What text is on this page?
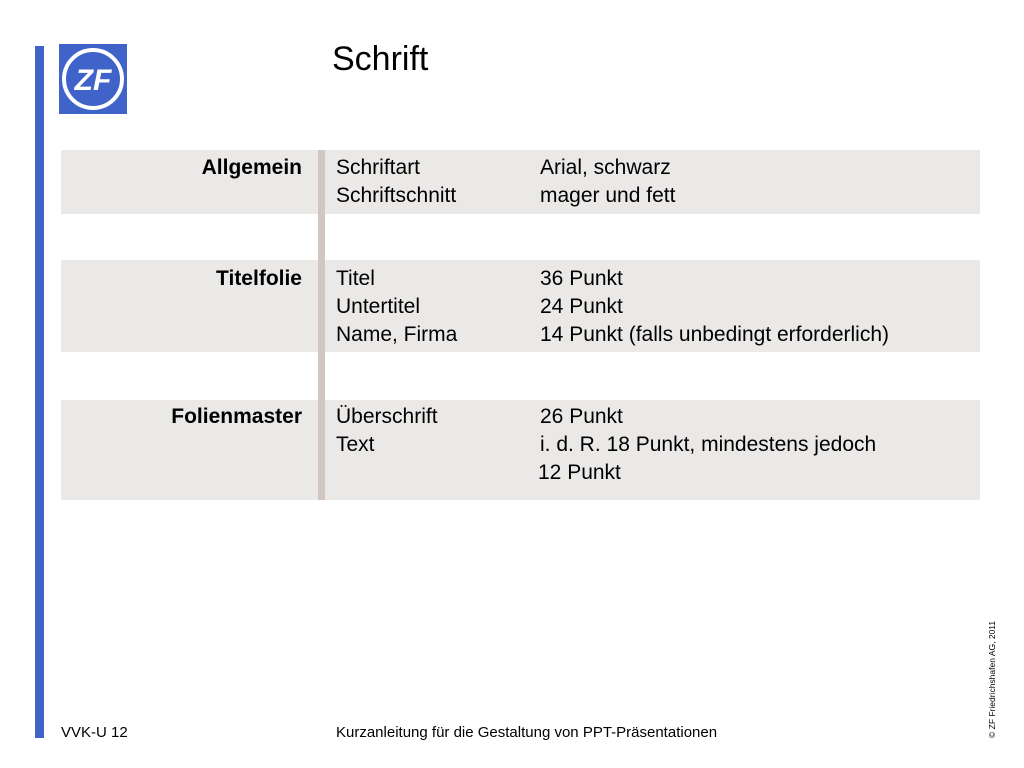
ZF
Schrift
Allgemein Schriftart
Schriftschnitt
Arial, schwarz
mager und fett
Titelfolie Titel
Untertitel
Name, Firma
36 Punkt
24 Punkt
14 Punkt (falls unbedingt erforderlich)
Folienmaster Überschrift
Text
26 Punkt
i. d. R. 18 Punkt, mindestens jedoch
12 Punkt
VVK-U 12	Kurzanleitung für die Gestaltung von PPT-Präsentationen	© ZF Friedrichshafen AG, 2011
